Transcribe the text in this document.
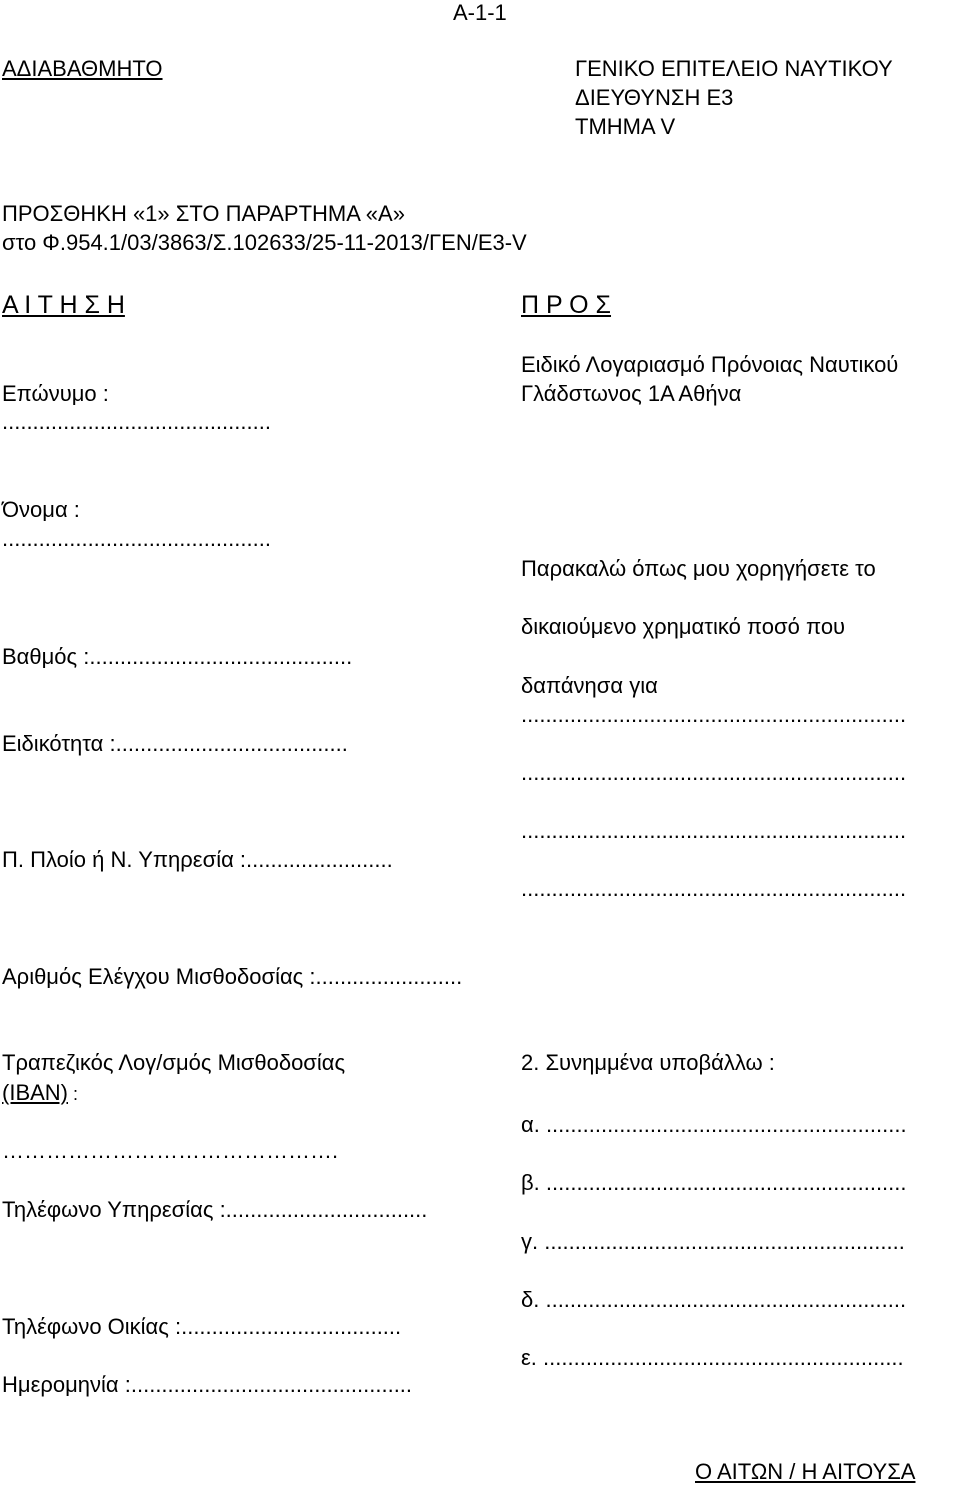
Α-1-1
ΑΔΙΑΒΑΘΜΗΤΟ	ΓΕΝΙΚΟ ΕΠΙΤΕΛΕΙΟ ΝΑΥΤΙΚΟΥ
ΔΙΕΥΘΥΝΣΗ Ε3
ΤΜΗΜΑ V
ΠΡΟΣΘΗΚΗ «1» ΣΤΟ ΠΑΡΑΡΤΗΜΑ «Α»
στο Φ.954.1/03/3863/Σ.102633/25-11-2013/ΓΕΝ/Ε3-V
Α Ι Τ Η Σ Η	Π Ρ Ο Σ
Ειδικό Λογαριασμό Πρόνοιας Ναυτικού
Γλάδστωνος 1Α Αθήνα
Επώνυμο :
............................................
Όνομα :
............................................
Παρακαλώ όπως μου χορηγήσετε το
δικαιούμενο χρηματικό ποσό που
δαπάνησα για
...............................................................
...............................................................
...............................................................
...............................................................
Βαθμός :...........................................
Ειδικότητα :......................................
Π. Πλοίο ή Ν. Υπηρεσία :........................
Αριθμός Ελέγχου Μισθοδοσίας :........................
Τραπεζικός Λογ/σμός Μισθοδοσίας
(IBAN) :
……………………………………….
2. Συνημμένα υποβάλλω :
α. ...........................................................
β. ...........................................................
γ. ...........................................................
δ. ...........................................................
ε. ...........................................................
Τηλέφωνο Υπηρεσίας :.................................
Τηλέφωνο Οικίας :....................................
Ημερομηνία :..............................................
Ο ΑΙΤΩΝ / Η ΑΙΤΟΥΣΑ
